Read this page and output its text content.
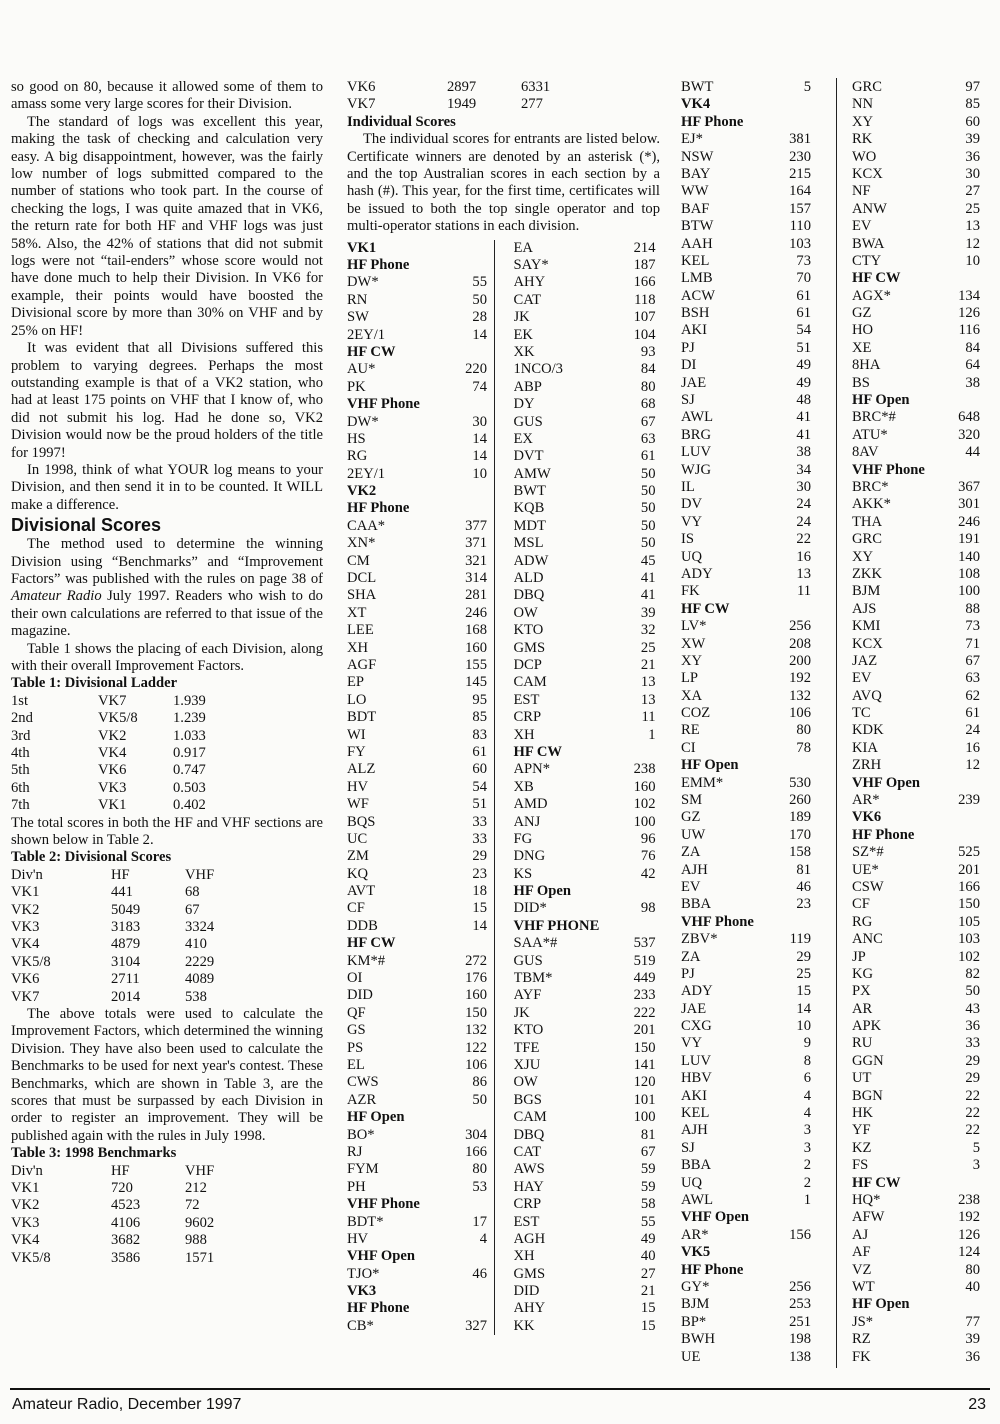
so good on 80, because it allowed some of them to amass some very large scores for their Division.

The standard of logs was excellent this year, making the task of checking and calculation very easy. A big disappointment, however, was the fairly low number of logs submitted compared to the number of stations who took part. In the course of checking the logs, I was quite amazed that in VK6, the return rate for both HF and VHF logs was just 58%. Also, the 42% of stations that did not submit logs were not “tail-enders” whose score would not have done much to help their Division. In VK6 for example, their points would have boosted the Divisional score by more than 30% on VHF and by 25% on HF!

It was evident that all Divisions suffered this problem to varying degrees. Perhaps the most outstanding example is that of a VK2 station, who had at least 175 points on VHF that I know of, who did not submit his log. Had he done so, VK2 Division would now be the proud holders of the title for 1997!

In 1998, think of what YOUR log means to your Division, and then send it in to be counted. It WILL make a difference.

Divisional Scores

The method used to determine the winning Division using “Benchmarks” and “Improvement Factors” was published with the rules on page 38 of Amateur Radio July 1997. Readers who wish to do their own calculations are referred to that issue of the magazine.

Table 1 shows the placing of each Division, along with their overall Improvement Factors.

Table 1: Divisional Ladder
1st	VK7	1.939
2nd	VK5/8	1.239
3rd	VK2	1.033
4th	VK4	0.917
5th	VK6	0.747
6th	VK3	0.503
7th	VK1	0.402

The total scores in both the HF and VHF sections are shown below in Table 2.

Table 2: Divisional Scores
Div'n	HF	VHF
VK1	441	68
VK2	5049	67
VK3	3183	3324
VK4	4879	410
VK5/8	3104	2229
VK6	2711	4089
VK7	2014	538

The above totals were used to calculate the Improvement Factors, which determined the winning Division. They have also been used to calculate the Benchmarks to be used for next year's contest. These Benchmarks, which are shown in Table 3, are the scores that must be surpassed by each Division in order to register an improvement. They will be published again with the rules in July 1998.

Table 3: 1998 Benchmarks
Div'n	HF	VHF
VK1	720	212
VK2	4523	72
VK3	4106	9602
VK4	3682	988
VK5/8	3586	1571
VK6	2897	6331
VK7	1949	277
Individual Scores

The individual scores for entrants are listed below. Certificate winners are denoted by an asterisk (*), and the top Australian scores in each section by a hash (#). This year, for the first time, certificates will be issued to both the top single operator and top multi-operator stations in each division.

VK1
HF Phone
DW*	55
RN	50
SW	28
2EY/1	14
HF CW
AU*	220
PK	74
VHF Phone
DW*	30
HS	14
RG	14
2EY/1	10
VK2
HF Phone
CAA*	377
XN*	371
CM	321
DCL	314
SHA	281
XT	246
LEE	168
XH	160
AGF	155
EP	145
LO	95
BDT	85
WI	83
FY	61
ALZ	60
HV	54
WF	51
BQS	33
UC	33
ZM	29
KQ	23
AVT	18
CF	15
DDB	14
HF CW
KM*#	272
OI	176
DID	160
QF	150
GS	132
PS	122
EL	106
CWS	86
AZR	50
HF Open
BO*	304
RJ	166
FYM	80
PH	53
VHF Phone
BDT*	17
HV	4
VHF Open
TJO*	46
VK3
HF Phone
CB*	327
EA	214
SAY*	187
AHY	166
CAT	118
JK	107
EK	104
XK	93
1NCO/3	84
ABP	80
DY	68
GUS	67
EX	63
DVT	61
AMW	50
BWT	50
KQB	50
MDT	50
MSL	50
ADW	45
ALD	41
DBQ	41
OW	39
KTO	32
GMS	25
DCP	21
CAM	13
EST	13
CRP	11
XH	1
HF CW
APN*	238
XB	160
AMD	102
ANJ	100
FG	96
DNG	76
KS	42
HF Open
DID*	98
VHF PHONE
SAA*#	537
GUS	519
TBM*	449
AYF	233
JK	222
KTO	201
TFE	150
XJU	141
OW	120
BGS	101
CAM	100
DBQ	81
CAT	67
AWS	59
HAY	59
CRP	58
EST	55
AGH	49
XH	40
GMS	27
DID	21
AHY	15
KK	15
BWT	5
VK4
HF Phone
EJ*	381
NSW	230
BAY	215
WW	164
BAF	157
BTW	110
AAH	103
KEL	73
LMB	70
ACW	61
BSH	61
AKI	54
PJ	51
DI	49
JAE	49
SJ	48
AWL	41
BRG	41
LUV	38
WJG	34
IL	30
DV	24
VY	24
IS	22
UQ	16
ADY	13
FK	11
HF CW
LV*	256
XW	208
XY	200
LP	192
XA	132
COZ	106
RE	80
CI	78
HF Open
EMM*	530
SM	260
GZ	189
UW	170
ZA	158
AJH	81
EV	46
BBA	23
VHF Phone
ZBV*	119
ZA	29
PJ	25
ADY	15
JAE	14
CXG	10
VY	9
LUV	8
HBV	6
AKI	4
KEL	4
AJH	3
SJ	3
BBA	2
UQ	2
AWL	1
VHF Open
AR*	156
VK5
HF Phone
GY*	256
BJM	253
BP*	251
BWH	198
UE	138
GRC	97
NN	85
XY	60
RK	39
WO	36
KCX	30
NF	27
ANW	25
EV	13
BWA	12
CTY	10
HF CW
AGX*	134
GZ	126
HO	116
XE	84
8HA	64
BS	38
HF Open
BRC*#	648
ATU*	320
8AV	44
VHF Phone
BRC*	367
AKK*	301
THA	246
GRC	191
XY	140
ZKK	108
BJM	100
AJS	88
KMI	73
KCX	71
JAZ	67
EV	63
AVQ	62
TC	61
KDK	24
KIA	16
ZRH	12
VHF Open
AR*	239
VK6
HF Phone
SZ*#	525
UE*	201
CSW	166
CF	150
RG	105
ANC	103
JP	102
KG	82
PX	50
AR	43
APK	36
RU	33
GGN	29
UT	29
BGN	22
HK	22
YF	22
KZ	5
FS	3
HF CW
HQ*	238
AFW	192
AJ	126
AF	124
VZ	80
WT	40
HF Open
JS*	77
RZ	39
FK	36
Amateur Radio, December 1997	23
